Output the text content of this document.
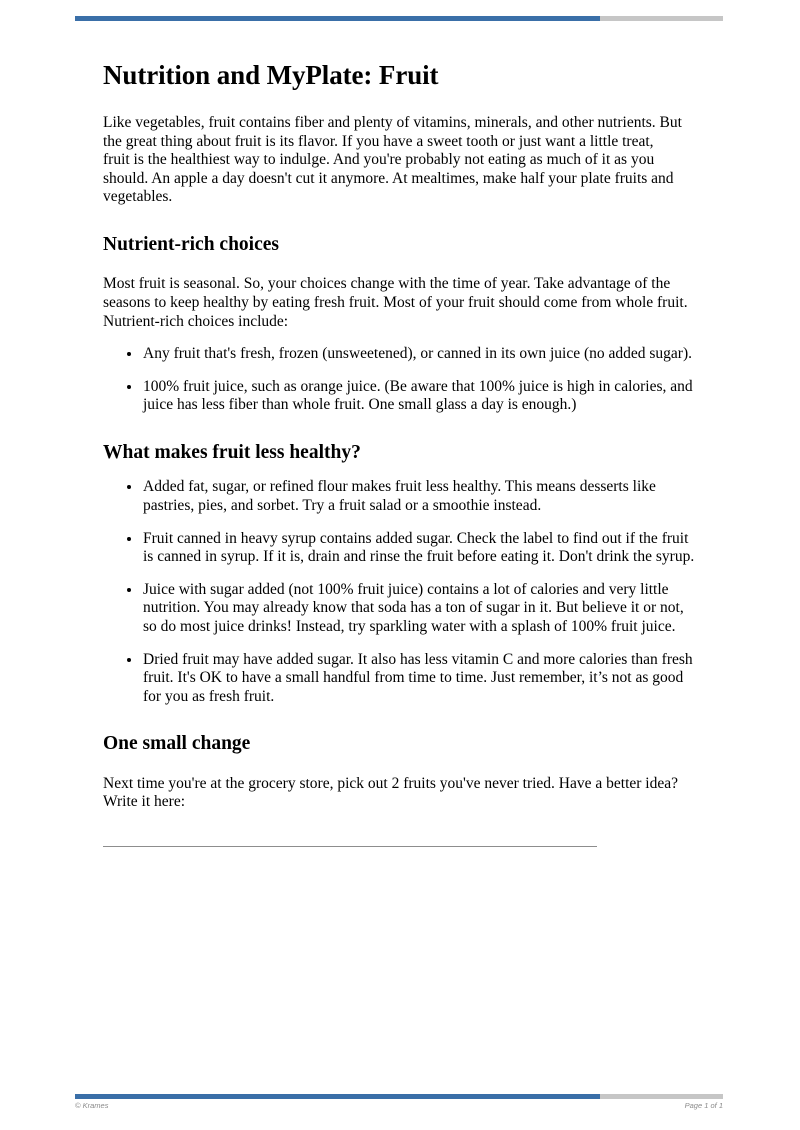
Nutrition and MyPlate: Fruit

Like vegetables, fruit contains fiber and plenty of vitamins, minerals, and other nutrients. But the great thing about fruit is its flavor. If you have a sweet tooth or just want a little treat, fruit is the healthiest way to indulge. And you're probably not eating as much of it as you should. An apple a day doesn't cut it anymore. At mealtimes, make half your plate fruits and vegetables.

Nutrient-rich choices

Most fruit is seasonal. So, your choices change with the time of year. Take advantage of the seasons to keep healthy by eating fresh fruit. Most of your fruit should come from whole fruit. Nutrient-rich choices include:

Any fruit that's fresh, frozen (unsweetened), or canned in its own juice (no added sugar).
100% fruit juice, such as orange juice. (Be aware that 100% juice is high in calories, and juice has less fiber than whole fruit. One small glass a day is enough.)
What makes fruit less healthy?
Added fat, sugar, or refined flour makes fruit less healthy. This means desserts like pastries, pies, and sorbet. Try a fruit salad or a smoothie instead.
Fruit canned in heavy syrup contains added sugar. Check the label to find out if the fruit is canned in syrup. If it is, drain and rinse the fruit before eating it. Don't drink the syrup.
Juice with sugar added (not 100% fruit juice) contains a lot of calories and very little nutrition. You may already know that soda has a ton of sugar in it. But believe it or not, so do most juice drinks! Instead, try sparkling water with a splash of 100% fruit juice.
Dried fruit may have added sugar. It also has less vitamin C and more calories than fresh fruit. It's OK to have a small handful from time to time. Just remember, it’s not as good for you as fresh fruit.
One small change

Next time you're at the grocery store, pick out 2 fruits you've never tried. Have a better idea? Write it here:

© Krames	Page 1 of 1
